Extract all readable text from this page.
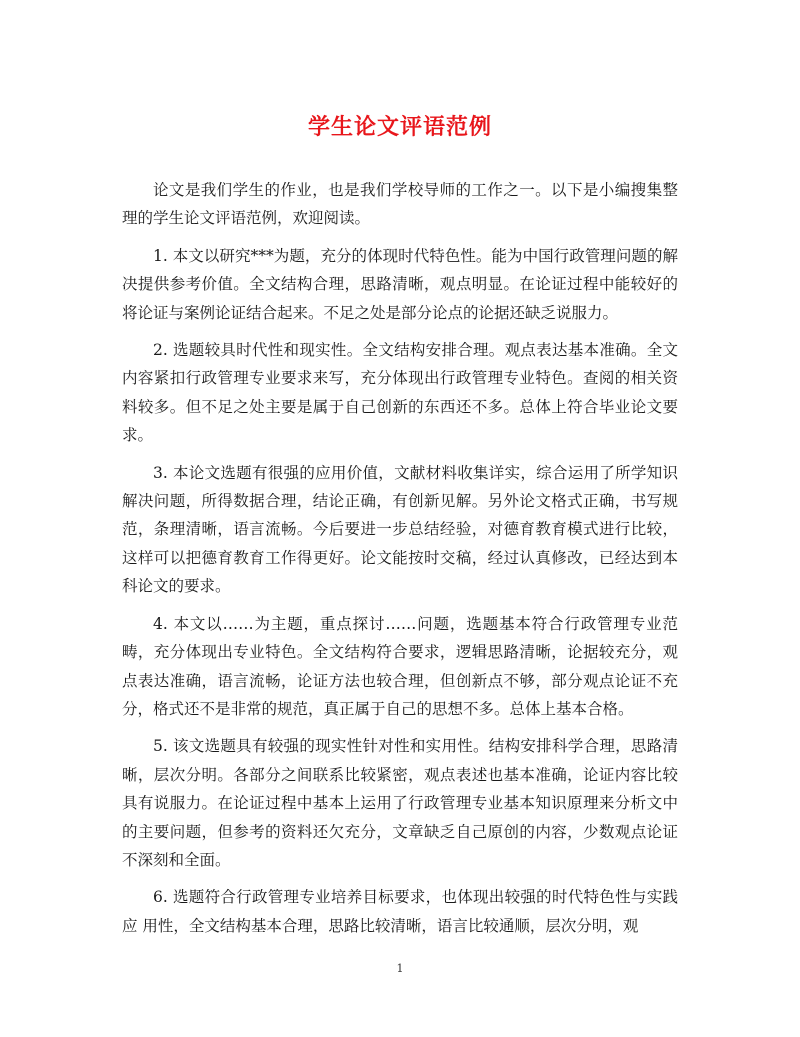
学生论文评语范例

论文是我们学生的作业，也是我们学校导师的工作之一。以下是小编搜集整理的学生论文评语范例，欢迎阅读。

1. 本文以研究***为题，充分的体现时代特色性。能为中国行政管理问题的解决提供参考价值。全文结构合理，思路清晰，观点明显。在论证过程中能较好的将论证与案例论证结合起来。不足之处是部分论点的论据还缺乏说服力。

2. 选题较具时代性和现实性。全文结构安排合理。观点表达基本准确。全文内容紧扣行政管理专业要求来写，充分体现出行政管理专业特色。查阅的相关资料较多。但不足之处主要是属于自己创新的东西还不多。总体上符合毕业论文要求。

3. 本论文选题有很强的应用价值，文献材料收集详实，综合运用了所学知识解决问题，所得数据合理，结论正确，有创新见解。另外论文格式正确，书写规范，条理清晰，语言流畅。今后要进一步总结经验，对德育教育模式进行比较，这样可以把德育教育工作得更好。论文能按时交稿，经过认真修改，已经达到本科论文的要求。

4. 本文以……为主题，重点探讨……问题，选题基本符合行政管理专业范畴，充分体现出专业特色。全文结构符合要求，逻辑思路清晰，论据较充分，观点表达准确，语言流畅，论证方法也较合理，但创新点不够，部分观点论证不充分，格式还不是非常的规范，真正属于自己的思想不多。总体上基本合格。

5. 该文选题具有较强的现实性针对性和实用性。结构安排科学合理，思路清晰，层次分明。各部分之间联系比较紧密，观点表述也基本准确，论证内容比较具有说服力。在论证过程中基本上运用了行政管理专业基本知识原理来分析文中的主要问题，但参考的资料还欠充分，文章缺乏自己原创的内容，少数观点论证不深刻和全面。

6. 选题符合行政管理专业培养目标要求，也体现出较强的时代特色性与实践应 用性，全文结构基本合理，思路比较清晰，语言比较通顺，层次分明，观

1
